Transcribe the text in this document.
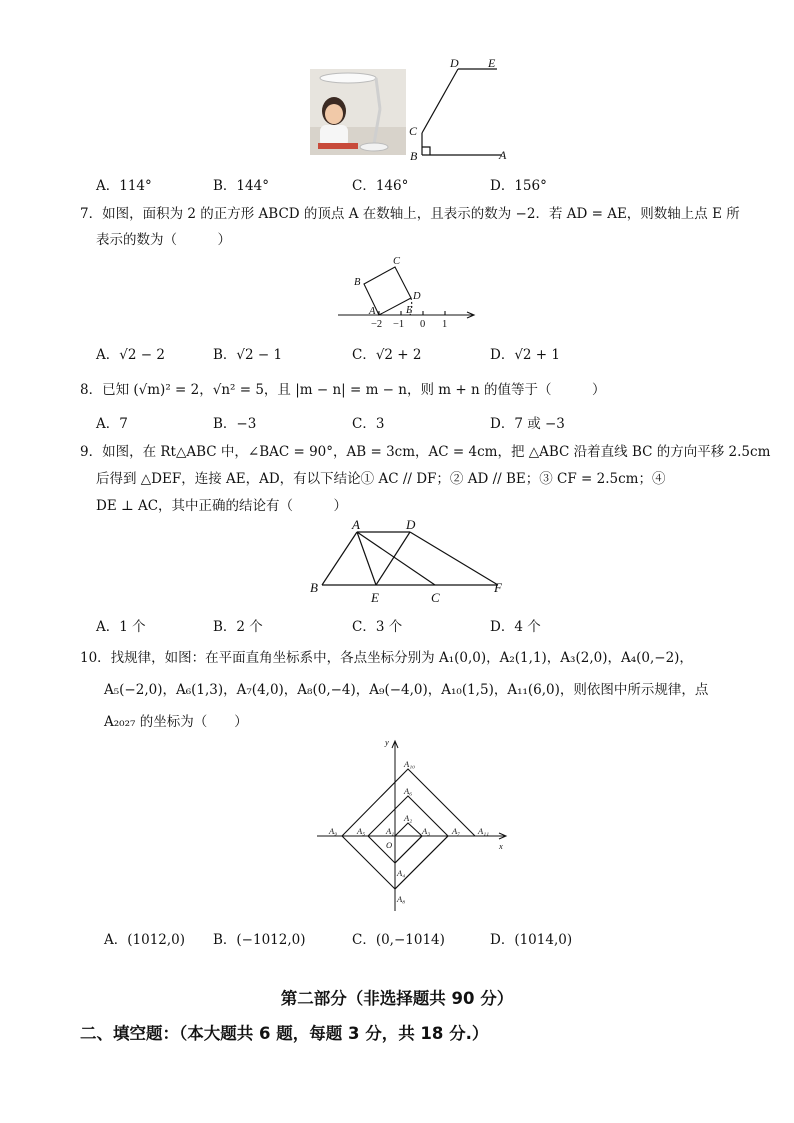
D E
C
B	A
A．114°	B．144°	C．146°	D．156°
7．如图，面积为 2 的正方形 ABCD 的顶点 A 在数轴上，且表示的数为 −2．若 AD = AE，则数轴上点 E 所
表示的数为（　　　）
B
C
D
A	E
−2 −1 0 1
A．√2 − 2	B．√2 − 1	C．√2 + 2	D．√2 + 1
8．已知 (√m)² = 2，√n² = 5，且 |m − n| = m − n，则 m + n 的值等于（　　　）
A．7	B．−3	C．3	D．7 或 −3
9．如图，在 Rt△ABC 中，∠BAC = 90°，AB = 3cm，AC = 4cm，把 △ABC 沿着直线 BC 的方向平移 2.5cm
后得到 △DEF，连接 AE，AD，有以下结论① AC // DF；② AD // BE；③ CF = 2.5cm；④
DE ⊥ AC，其中正确的结论有（　　　）
A	D
B
E	C
F
A．1 个	B．2 个	C．3 个	D．4 个
10．找规律，如图：在平面直角坐标系中，各点坐标分别为 A₁(0,0)，A₂(1,1)，A₃(2,0)，A₄(0,−2)，
A₅(−2,0)，A₆(1,3)，A₇(4,0)，A₈(0,−4)，A₉(−4,0)，A₁₀(1,5)，A₁₁(6,0)，则依图中所示规律，点
A₂₀₂₇ 的坐标为（　　）
y
x
O
A₁
A₂
A₃
A₄
A₅
A₆
A₇
A₈
A₉
A₁₀
A₁₁
A．(1012,0) B．(−1012,0)	C．(0,−1014)	D．(1014,0)
第二部分（非选择题共 90 分）
二、填空题：（本大题共 6 题，每题 3 分，共 18 分.）
